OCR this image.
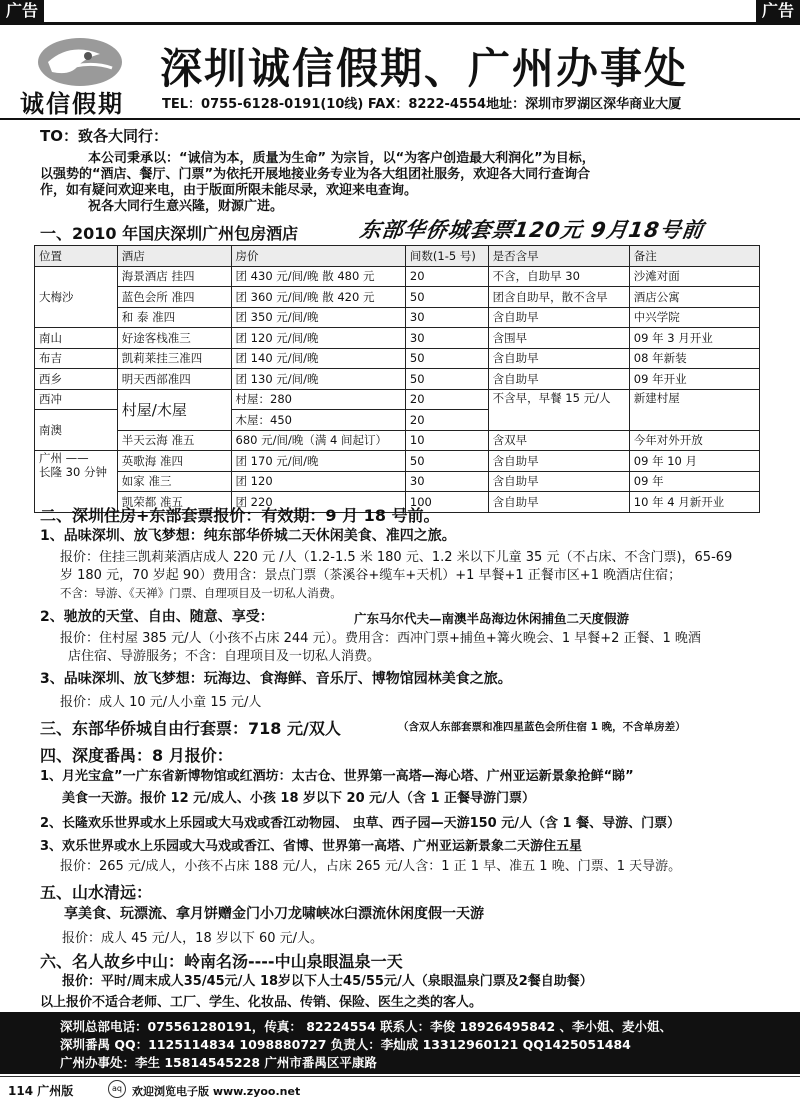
广告	广告
诚信假期
深圳诚信假期、广州办事处
TEL：0755-6128-0191(10线) FAX：8222-4554地址：深圳市罗湖区深华商业大厦
TO：致各大同行：
本公司秉承以：“诚信为本，质量为生命” 为宗旨，以“为客户创造最大利润化”为目标，
以强势的“酒店、餐厅、门票”为依托开展地接业务专业为各大组团社服务，欢迎各大同行查询合
作，如有疑问欢迎来电，由于版面所限未能尽录，欢迎来电查询。
祝各大同行生意兴隆，财源广进。
东部华侨城套票120元 9月18号前
一、2010 年国庆深圳广州包房酒店
位置	酒店	房价	间数(1-5 号)	是否含早	备注
大梅沙	海景酒店 挂四	团 430 元/间/晚 散 480 元	20	不含，自助早 30	沙滩对面
	蓝色会所 准四	团 360 元/间/晚 散 420 元	50	团含自助早，散不含早	酒店公寓
	和 泰 准四	团 350 元/间/晚	30	含自助早	中兴学院
南山	好途客栈准三	团 120 元/间/晚	30	含围早	09 年 3 月开业
布吉	凯莉莱挂三准四	团 140 元/间/晚	50	含自助早	08 年新装
西乡	明天西部准四	团 130 元/间/晚	50	含自助早	09 年开业
西冲	村屋/木屋	村屋：280	20	不含早，早餐 15 元/人	新建村屋
南澳		木屋：450	20		
	半天云海 准五	680 元/间/晚（满 4 间起订）	10	含双早	今年对外开放
广州 ——
长隆 30 分钟	英歌海 准四	团 170 元/间/晚	50	含自助早	09 年 10 月
	如家 准三	团 120	30	含自助早	09 年
	凯荣都 准五	团 220	100	含自助早	10 年 4 月新开业
二、深圳住房+东部套票报价：有效期：9 月 18 号前。
1、品味深圳、放飞梦想：纯东部华侨城二天休闲美食、准四之旅。
报价：住挂三凯莉莱酒店成人 220 元 /人（1.2-1.5 米 180 元、1.2 米以下儿童 35 元（不占床、不含门票)，65-69
岁 180 元，70 岁起 90）费用含：景点门票（茶溪谷+缆车+天机）+1 早餐+1 正餐市区+1 晚酒店住宿；
不含：导游、《天禅》门票、自理项目及一切私人消费。
2、驰放的天堂、自由、随意、享受：	广东马尔代夫—南澳半岛海边休闲捕鱼二天度假游
报价：住村屋 385 元/人（小孩不占床 244 元）。费用含：西冲门票+捕鱼+篝火晚会、1 早餐+2 正餐、1 晚酒
店住宿、导游服务；不含：自理项目及一切私人消费。
3、品味深圳、放飞梦想：玩海边、食海鲜、音乐厅、博物馆园林美食之旅。
报价：成人 10 元/人小童 15 元/人
三、东部华侨城自由行套票：718 元/双人	（含双人东部套票和准四星蓝色会所住宿 1 晚，不含单房差）
四、深度番禺：8 月报价：
1、月光宝盒”一广东省新博物馆或红酒坊：太古仓、世界第一高塔—海心塔、广州亚运新景象抢鲜“睇”
美食一天游。报价 12 元/成人、小孩 18 岁以下 20 元/人（含 1 正餐导游门票）
2、长隆欢乐世界或水上乐园或大马戏或香江动物园、 虫草、西子园—天游150 元/人（含 1 餐、导游、门票）
3、欢乐世界或水上乐园或大马戏或香江、省博、世界第一高塔、广州亚运新景象二天游住五星
报价：265 元/成人，小孩不占床 188 元/人，占床 265 元/人含：1 正 1 早、准五 1 晚、门票、1 天导游。
五、山水清远：
享美食、玩漂流、拿月饼赠金门小刀龙啸峡冰臼漂流休闲度假一天游
报价：成人 45 元/人，18 岁以下 60 元/人。
六、名人故乡中山：岭南名汤----中山泉眼温泉一天
报价：平时/周末成人35/45元/人 18岁以下人士45/55元/人（泉眼温泉门票及2餐自助餐）
以上报价不适合老师、工厂、学生、化妆品、传销、保险、医生之类的客人。
深圳总部电话：075561280191，传真： 82224554 联系人：李俊 18926495842 、李小姐、麦小姐、
深圳番禺 QQ：1125114834 1098880727 负责人：李灿成 13312960121 QQ1425051484
广州办事处：李生 15814545228 广州市番禺区平康路
114 广州版	aq 欢迎浏览电子版 www.zyoo.net
